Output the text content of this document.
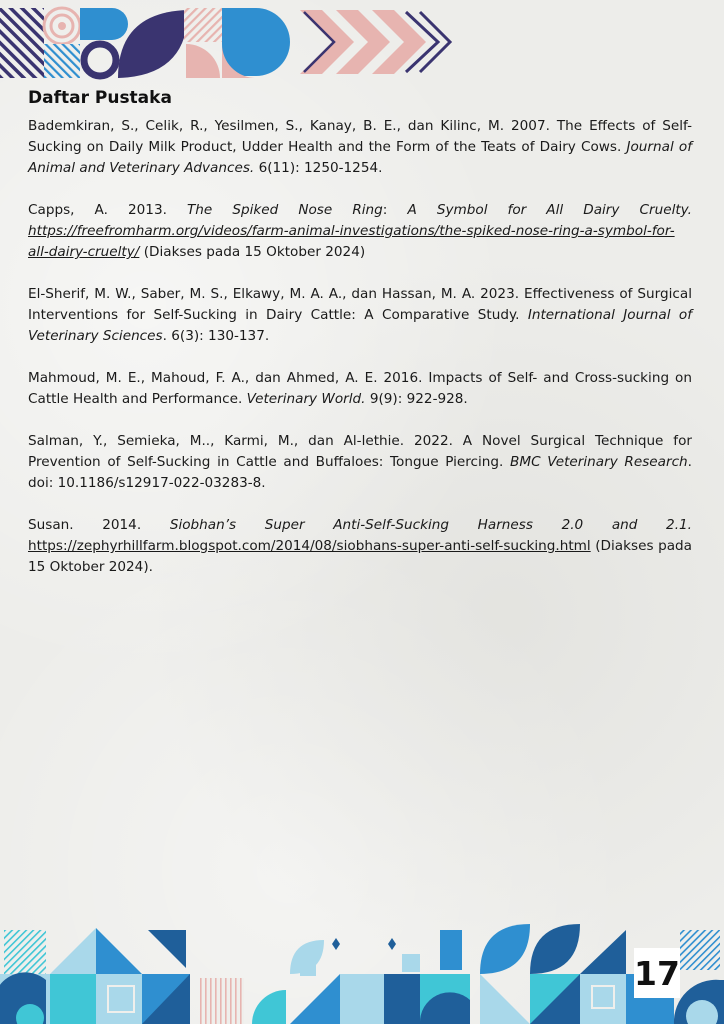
Daftar Pustaka

Bademkiran, S., Celik, R., Yesilmen, S., Kanay, B. E., dan Kilinc, M. 2007. The Effects of Self-Sucking on Daily Milk Product, Udder Health and the Form of the Teats of Dairy Cows. Journal of Animal and Veterinary Advances. 6(11): 1250-1254.

Capps, A. 2013. The Spiked Nose Ring: A Symbol for All Dairy Cruelty. https://freefromharm.org/videos/farm-animal-investigations/the-spiked-nose-ring-a-symbol-for-all-dairy-cruelty/ (Diakses pada 15 Oktober 2024)

El-Sherif, M. W., Saber, M. S., Elkawy, M. A. A., dan Hassan, M. A. 2023. Effectiveness of Surgical Interventions for Self-Sucking in Dairy Cattle: A Comparative Study. International Journal of Veterinary Sciences. 6(3): 130-137.

Mahmoud, M. E., Mahoud, F. A., dan Ahmed, A. E. 2016. Impacts of Self- and Cross-sucking on Cattle Health and Performance. Veterinary World. 9(9): 922-928.

Salman, Y., Semieka, M.., Karmi, M., dan Al-lethie. 2022. A Novel Surgical Technique for Prevention of Self-Sucking in Cattle and Buffaloes: Tongue Piercing. BMC Veterinary Research. doi: 10.1186/s12917-022-03283-8.

Susan. 2014. Siobhan’s Super Anti-Self-Sucking Harness 2.0 and 2.1. https://zephyrhillfarm.blogspot.com/2014/08/siobhans-super-anti-self-sucking.html (Diakses pada 15 Oktober 2024).

17
